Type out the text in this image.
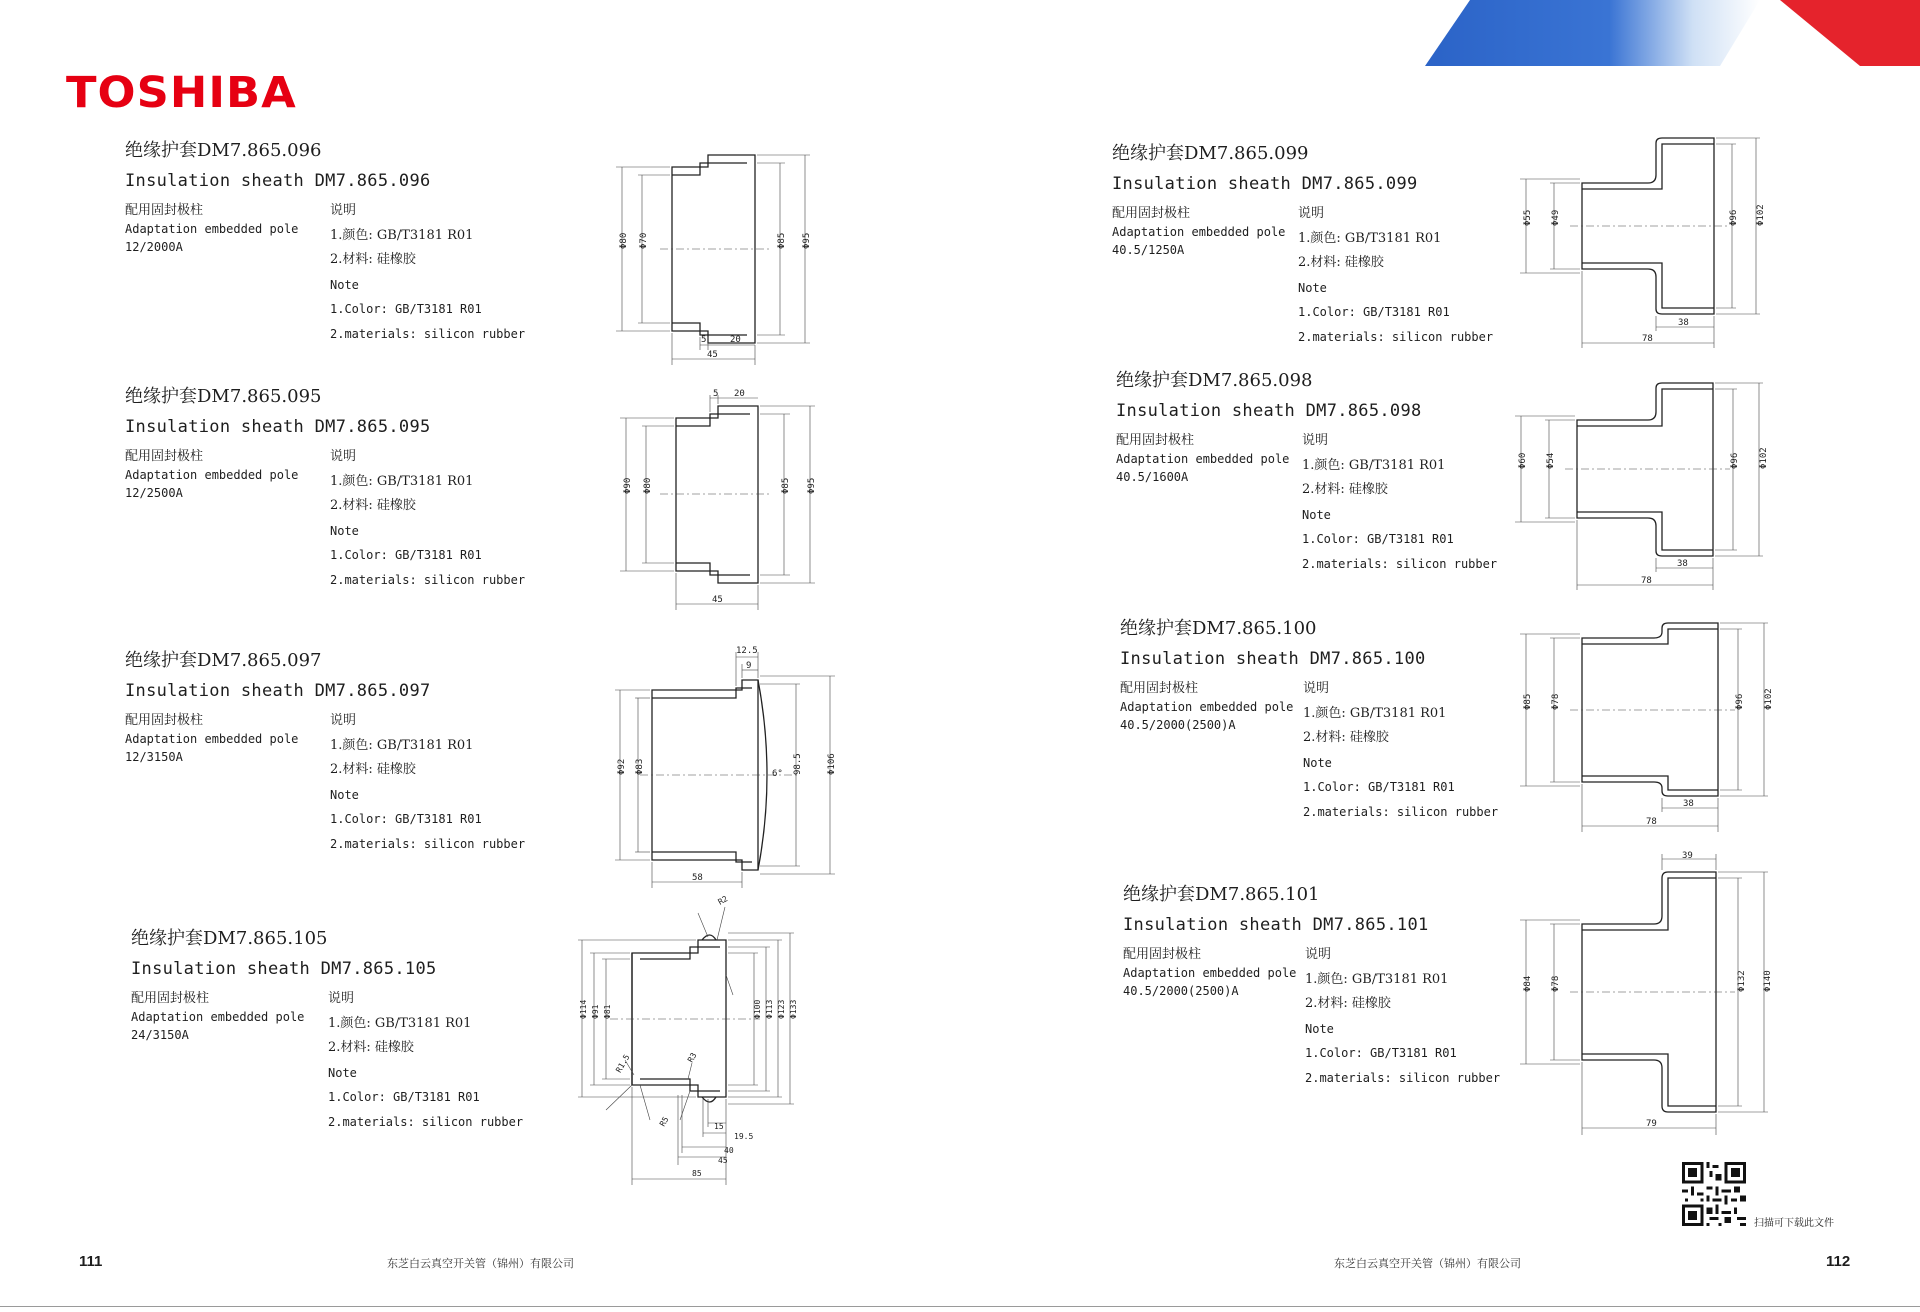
TOSHIBA
绝缘护套DM7.865.096
Insulation sheath DM7.865.096
配用固封极柱
Adaptation embedded pole
12/2000A
说明
1.颜色: GB/T3181 R01
2.材料: 硅橡胶
Note
1.Color: GB/T3181 R01
2.materials: silicon rubber
绝缘护套DM7.865.095
Insulation sheath DM7.865.095
配用固封极柱
Adaptation embedded pole
12/2500A
说明
1.颜色: GB/T3181 R01
2.材料: 硅橡胶
Note
1.Color: GB/T3181 R01
2.materials: silicon rubber
绝缘护套DM7.865.097
Insulation sheath DM7.865.097
配用固封极柱
Adaptation embedded pole
12/3150A
说明
1.颜色: GB/T3181 R01
2.材料: 硅橡胶
Note
1.Color: GB/T3181 R01
2.materials: silicon rubber
绝缘护套DM7.865.105
Insulation sheath DM7.865.105
配用固封极柱
Adaptation embedded pole
24/3150A
说明
1.颜色: GB/T3181 R01
2.材料: 硅橡胶
Note
1.Color: GB/T3181 R01
2.materials: silicon rubber
绝缘护套DM7.865.099
Insulation sheath DM7.865.099
配用固封极柱
Adaptation embedded pole
40.5/1250A
说明
1.颜色: GB/T3181 R01
2.材料: 硅橡胶
Note
1.Color: GB/T3181 R01
2.materials: silicon rubber
绝缘护套DM7.865.098
Insulation sheath DM7.865.098
配用固封极柱
Adaptation embedded pole
40.5/1600A
说明
1.颜色: GB/T3181 R01
2.材料: 硅橡胶
Note
1.Color: GB/T3181 R01
2.materials: silicon rubber
绝缘护套DM7.865.100
Insulation sheath DM7.865.100
配用固封极柱
Adaptation embedded pole
40.5/2000(2500)A
说明
1.颜色: GB/T3181 R01
2.材料: 硅橡胶
Note
1.Color: GB/T3181 R01
2.materials: silicon rubber
绝缘护套DM7.865.101
Insulation sheath DM7.865.101
配用固封极柱
Adaptation embedded pole
40.5/2000(2500)A
说明
1.颜色: GB/T3181 R01
2.材料: 硅橡胶
Note
1.Color: GB/T3181 R01
2.materials: silicon rubber
Φ80 Φ70	Φ85 Φ95
5	20
45
Φ90 Φ80	Φ85 Φ95
5 20
45
Φ92 Φ83	6° 98.5	Φ106
12.5
9
58
Φ114 Φ91 Φ81	Φ100 Φ113 Φ123 Φ133
R1.5
R2
R3
R5	15
19.5
40
45
85
Φ55 Φ49	Φ96 Φ102
38
78
Φ60 Φ54	Φ96 Φ102
38
78
Φ85 Φ78	Φ96 Φ102
38
78
Φ84 Φ78	Φ132 Φ140
39
79
扫描可下载此文件
111	东芝白云真空开关管（锦州）有限公司	东芝白云真空开关管（锦州）有限公司	112
